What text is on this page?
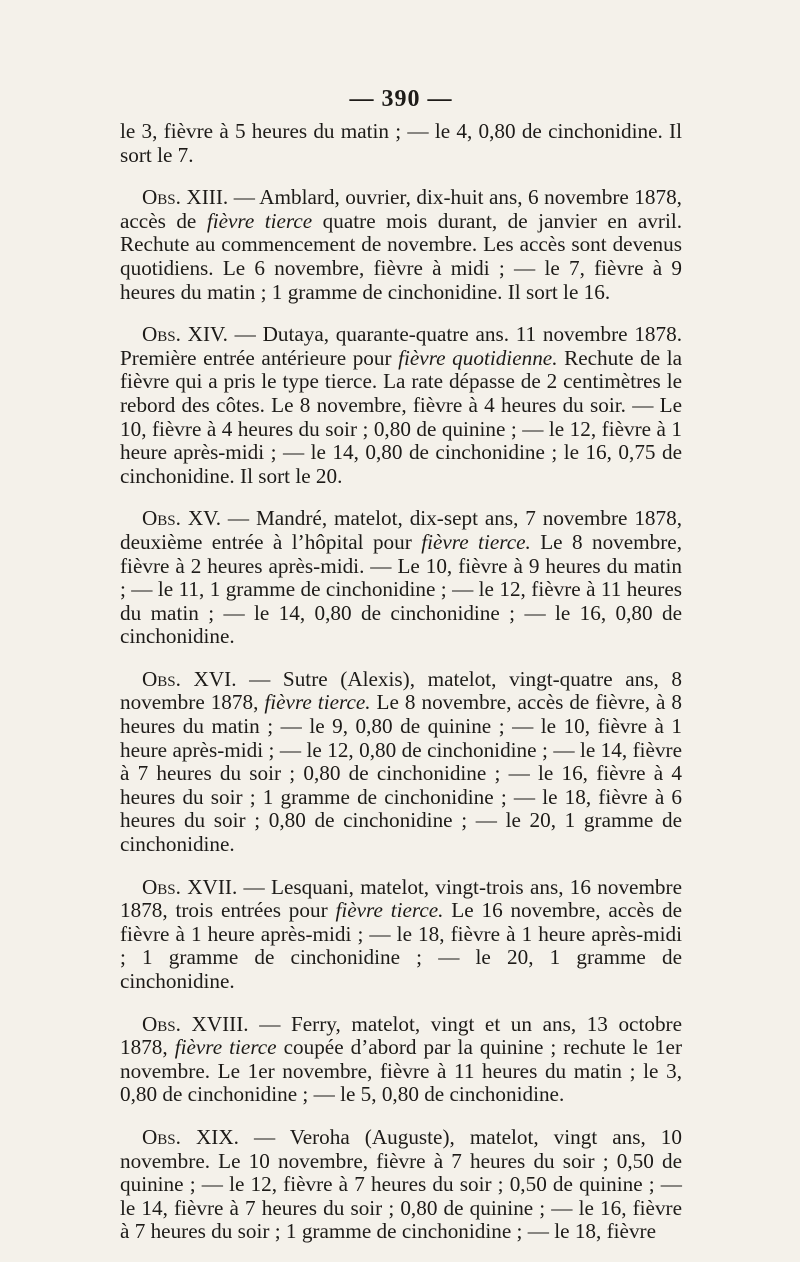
— 390 —

le 3, fièvre à 5 heures du matin ; — le 4, 0,80 de cinchonidine. Il sort le 7.

Obs. XIII. — Amblard, ouvrier, dix-huit ans, 6 novembre 1878, accès de fièvre tierce quatre mois durant, de janvier en avril. Rechute au commencement de novembre. Les accès sont devenus quotidiens. Le 6 novembre, fièvre à midi ; — le 7, fièvre à 9 heures du matin ; 1 gramme de cinchonidine. Il sort le 16.

Obs. XIV. — Dutaya, quarante-quatre ans. 11 novembre 1878. Première entrée antérieure pour fièvre quotidienne. Rechute de la fièvre qui a pris le type tierce. La rate dépasse de 2 centimètres le rebord des côtes. Le 8 novembre, fièvre à 4 heures du soir. — Le 10, fièvre à 4 heures du soir ; 0,80 de quinine ; — le 12, fièvre à 1 heure après-midi ; — le 14, 0,80 de cinchonidine ; le 16, 0,75 de cinchonidine. Il sort le 20.

Obs. XV. — Mandré, matelot, dix-sept ans, 7 novembre 1878, deuxième entrée à l’hôpital pour fièvre tierce. Le 8 novembre, fièvre à 2 heures après-midi. — Le 10, fièvre à 9 heures du matin ; — le 11, 1 gramme de cinchonidine ; — le 12, fièvre à 11 heures du matin ; — le 14, 0,80 de cinchonidine ; — le 16, 0,80 de cinchonidine.

Obs. XVI. — Sutre (Alexis), matelot, vingt-quatre ans, 8 novembre 1878, fièvre tierce. Le 8 novembre, accès de fièvre, à 8 heures du matin ; — le 9, 0,80 de quinine ; — le 10, fièvre à 1 heure après-midi ; — le 12, 0,80 de cinchonidine ; — le 14, fièvre à 7 heures du soir ; 0,80 de cinchonidine ; — le 16, fièvre à 4 heures du soir ; 1 gramme de cinchonidine ; — le 18, fièvre à 6 heures du soir ; 0,80 de cinchonidine ; — le 20, 1 gramme de cinchonidine.

Obs. XVII. — Lesquani, matelot, vingt-trois ans, 16 novembre 1878, trois entrées pour fièvre tierce. Le 16 novembre, accès de fièvre à 1 heure après-midi ; — le 18, fièvre à 1 heure après-midi ; 1 gramme de cinchonidine ; — le 20, 1 gramme de cinchonidine.

Obs. XVIII. — Ferry, matelot, vingt et un ans, 13 octobre 1878, fièvre tierce coupée d’abord par la quinine ; rechute le 1er novembre. Le 1er novembre, fièvre à 11 heures du matin ; le 3, 0,80 de cinchonidine ; — le 5, 0,80 de cinchonidine.

Obs. XIX. — Veroha (Auguste), matelot, vingt ans, 10 novembre. Le 10 novembre, fièvre à 7 heures du soir ; 0,50 de quinine ; — le 12, fièvre à 7 heures du soir ; 0,50 de quinine ; — le 14, fièvre à 7 heures du soir ; 0,80 de quinine ; — le 16, fièvre à 7 heures du soir ; 1 gramme de cinchonidine ; — le 18, fièvre
